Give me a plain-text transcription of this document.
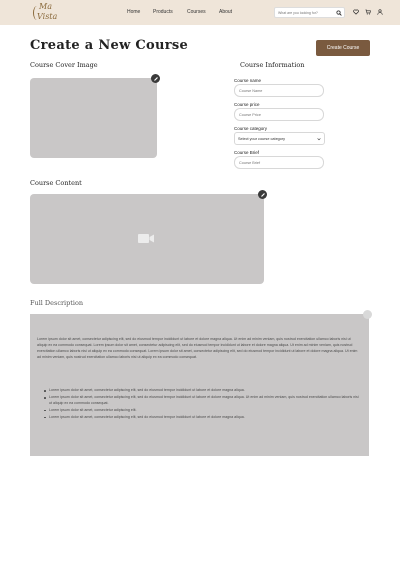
Ma
Vista	Home	Products	Courses	About
What are you looking for?
Create a New Course	Create Course
Course Cover Image	Course Information
Course name
Course Name
Course price
Course Price
Course category
Select your course category
Course Brief
Course Brief
Course Content
Full Description

Lorem ipsum dolor sit amet, consectetur adipiscing elit, sed do eiusmod tempor incididunt ut labore et dolore magna aliqua. Ut enim ad minim veniam, quis nostrud exercitation ullamco laboris nisi ut aliquip ex ea commodo consequat. Lorem ipsum dolor sit amet, consectetur adipiscing elit, sed do eiusmod tempor incididunt ut labore et dolore magna aliqua. Ut enim ad minim veniam, quis nostrud exercitation ullamco laboris nisi ut aliquip ex ea commodo consequat. Lorem ipsum dolor sit amet, consectetur adipiscing elit, sed do eiusmod tempor incididunt ut labore et dolore magna aliqua. Ut enim ad minim veniam, quis nostrud exercitation ullamco laboris nisi ut aliquip ex ea commodo consequat.

Lorem ipsum dolor sit amet, consectetur adipiscing elit, sed do eiusmod tempor incididunt ut labore et dolore magna aliqua.
Lorem ipsum dolor sit amet, consectetur adipiscing elit, sed do eiusmod tempor incididunt ut labore et dolore magna aliqua. Ut enim ad minim veniam, quis nostrud exercitation ullamco laboris nisi ut aliquip ex ea commodo consequat.
Lorem ipsum dolor sit amet, consectetur adipiscing elit.
Lorem ipsum dolor sit amet, consectetur adipiscing elit, sed do eiusmod tempor incididunt ut labore et dolore magna aliqua.
